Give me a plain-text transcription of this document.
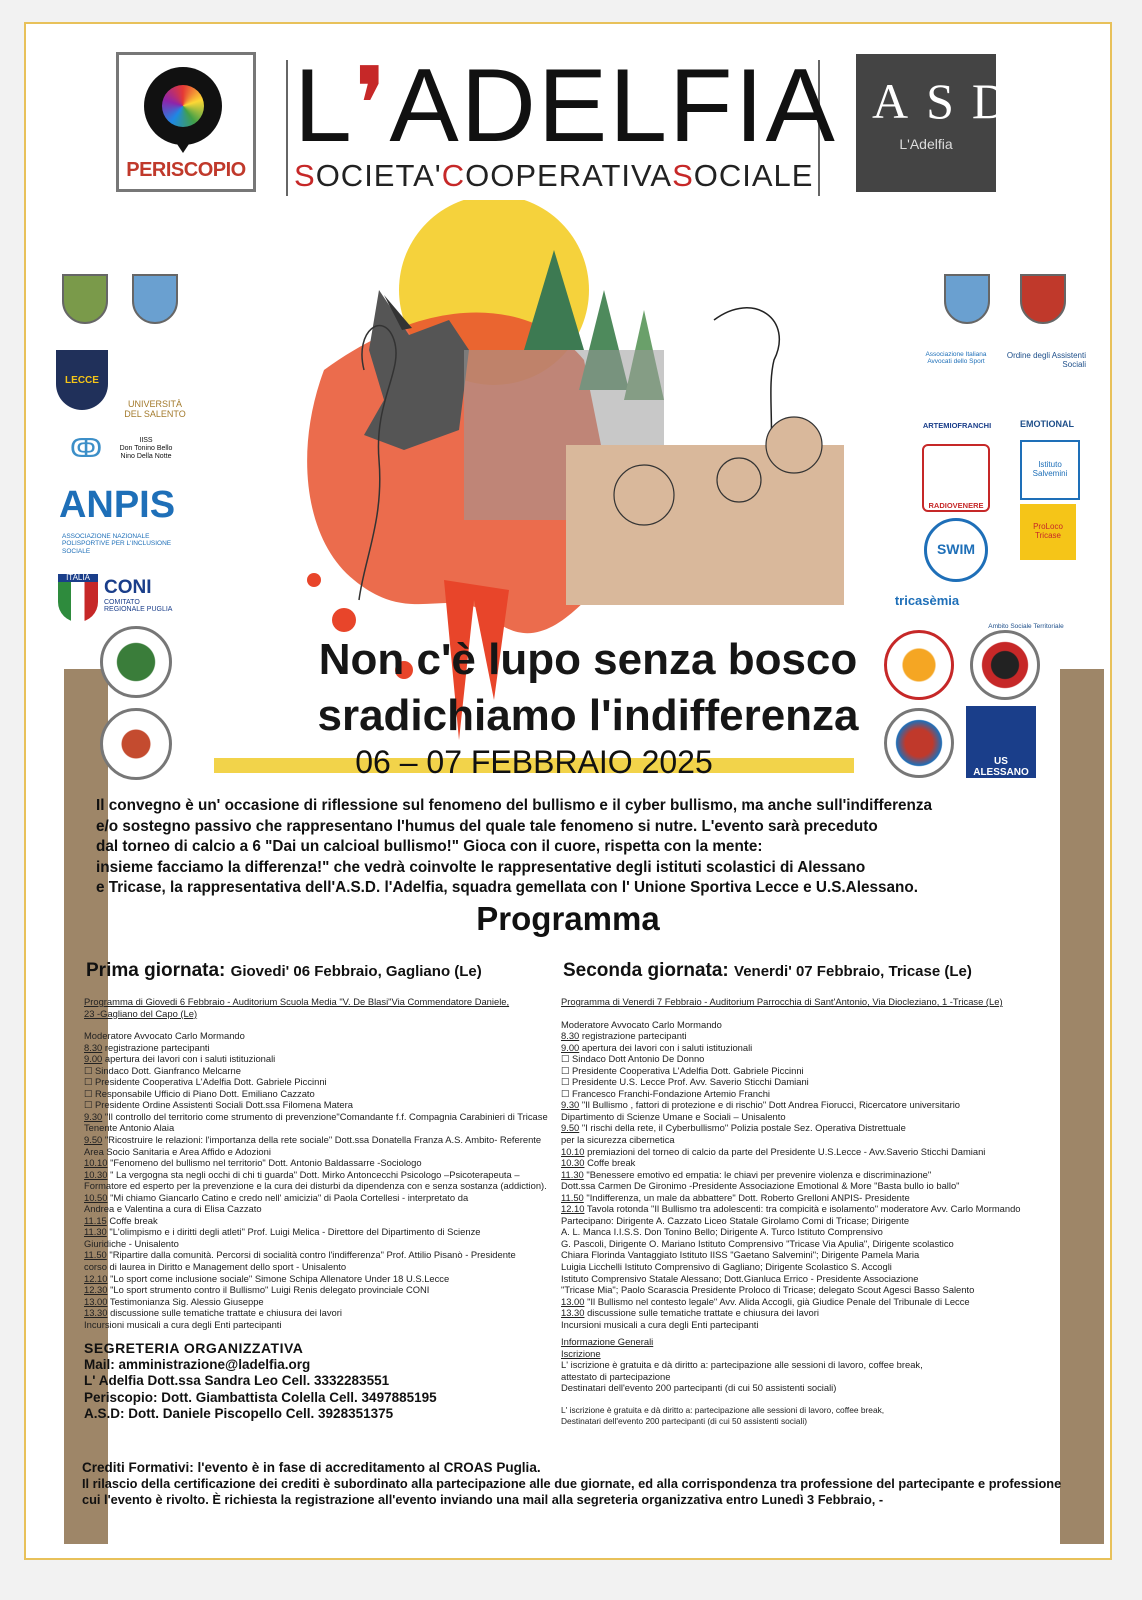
PERISCOPIO
L❜ADELFIA
SOCIETA'COOPERATIVASOCIALE
ASD
L'Adelfia
LECCE
UNIVERSITÀ DEL SALENTO
ↂ	IISS
Don Tonino Bello Nino Della Notte
ANPIS
ASSOCIAZIONE NAZIONALE POLISPORTIVE PER L'INCLUSIONE SOCIALE
ITALIA CONI
COMITATO REGIONALE PUGLIA
Associazione Italiana Avvocati dello Sport
Ordine degli Assistenti Sociali
ARTEMIOFRANCHI	EMOTIONAL
RADIOVENERE
Istituto Salvemini
ProLoco Tricase
SWIM
tricasèmia
Ambito Sociale Territoriale
US ALESSANO
Non c'è lupo senza bosco
sradichiamo l'indifferenza
06 – 07 FEBBRAIO 2025
Il convegno è un' occasione di riflessione sul fenomeno del bullismo e il cyber bullismo, ma anche sull'indifferenza
e/o sostegno passivo che rappresentano l'humus del quale tale fenomeno si nutre. L'evento sarà preceduto
dal torneo di calcio a 6 "Dai un calcioal bullismo!" Gioca con il cuore, rispetta con la mente:
insieme facciamo la differenza!" che vedrà coinvolte le rappresentative degli istituti scolastici di Alessano
e Tricase, la rappresentativa dell'A.S.D. l'Adelfia, squadra gemellata con l' Unione Sportiva Lecce e U.S.Alessano.
Programma
Prima giornata: Giovedi' 06 Febbraio, Gagliano (Le)	Seconda giornata: Venerdi' 07 Febbraio, Tricase (Le)

Programma di Giovedi 6 Febbraio - Auditorium Scuola Media "V. De Blasi"Via Commendatore Daniele,

23 -Gagliano del Capo (Le)

Moderatore Avvocato Carlo Mormando

8.30 registrazione partecipanti

9.00 apertura dei lavori con i saluti istituzionali

☐ Sindaco Dott. Gianfranco Melcarne

☐ Presidente Cooperativa L'Adelfia Dott. Gabriele Piccinni

☐ Responsabile Ufficio di Piano Dott. Emiliano Cazzato

☐ Presidente Ordine Assistenti Sociali Dott.ssa Filomena Matera

9.30 "Il controllo del territorio come strumento di prevenzione"Comandante f.f. Compagnia Carabinieri di Tricase

Tenente Antonio Alaia

9.50 "Ricostruire le relazioni: l'importanza della rete sociale" Dott.ssa Donatella Franza A.S. Ambito- Referente

Area Socio Sanitaria e Area Affido e Adozioni

10.10 "Fenomeno del bullismo nel territorio" Dott. Antonio Baldassarre -Sociologo

10.30 " La vergogna sta negli occhi di chi ti guarda" Dott. Mirko Antoncecchi Psicologo –Psicoterapeuta –

Formatore ed esperto per la prevenzione e la cura dei disturbi da dipendenza con e senza sostanza (addiction).

10.50 "Mi chiamo Giancarlo Catino e credo nell' amicizia" di Paola Cortellesi - interpretato da

Andrea e Valentina a cura di Elisa Cazzato

11.15 Coffe break

11.30 "L'olimpismo e i diritti degli atleti" Prof. Luigi Melica - Direttore del Dipartimento di Scienze

Giuridiche - Unisalento

11.50 "Ripartire dalla comunità. Percorsi di socialità contro l'indifferenza" Prof. Attilio Pisanò - Presidente

corso di laurea in Diritto e Management dello sport - Unisalento

12.10 "Lo sport come inclusione sociale" Simone Schipa Allenatore Under 18 U.S.Lecce

12.30 "Lo sport strumento contro il Bullismo" Luigi Renis delegato provinciale CONI

13.00 Testimonianza Sig. Alessio Giuseppe

13.30 discussione sulle tematiche trattate e chiusura dei lavori

Incursioni musicali a cura degli Enti partecipanti

Programma di Venerdi 7 Febbraio - Auditorium Parrocchia di Sant'Antonio, Via Diocleziano, 1 -Tricase (Le)

Moderatore Avvocato Carlo Mormando

8.30 registrazione partecipanti

9.00 apertura dei lavori con i saluti istituzionali

☐ Sindaco Dott Antonio De Donno

☐ Presidente Cooperativa L'Adelfia Dott. Gabriele Piccinni

☐ Presidente U.S. Lecce Prof. Avv. Saverio Sticchi Damiani

☐ Francesco Franchi-Fondazione Artemio Franchi

9.30 "Il Bullismo , fattori di protezione e di rischio" Dott Andrea Fiorucci, Ricercatore universitario

Dipartimento di Scienze Umane e Sociali – Unisalento

9.50 "I rischi della rete, il Cyberbullismo" Polizia postale Sez. Operativa Distrettuale

per la sicurezza cibernetica

10.10 premiazioni del torneo di calcio da parte del Presidente U.S.Lecce - Avv.Saverio Sticchi Damiani

10.30 Coffe break

11.30 "Benessere emotivo ed empatia: le chiavi per prevenire violenza e discriminazione"

Dott.ssa Carmen De Gironimo -Presidente Associazione Emotional & More "Basta bullo io ballo"

11.50 "Indifferenza, un male da abbattere" Dott. Roberto Grelloni ANPIS- Presidente

12.10 Tavola rotonda "Il Bullismo tra adolescenti: tra compicità e isolamento" moderatore Avv. Carlo Mormando

Partecipano: Dirigente A. Cazzato Liceo Statale Girolamo Comi di Tricase; Dirigente

A. L. Manca I.I.S.S. Don Tonino Bello; Dirigente A. Turco Istituto Comprensivo

G. Pascoli, Dirigente O. Mariano Istituto Comprensivo "Tricase Via Apulia", Dirigente scolastico

Chiara Florinda Vantaggiato Istituto IISS "Gaetano Salvemini"; Dirigente Pamela Maria

Luigia Licchelli Istituto Comprensivo di Gagliano; Dirigente Scolastico S. Accogli

Istituto Comprensivo Statale Alessano; Dott.Gianluca Errico - Presidente Associazione

"Tricase Mia"; Paolo Scarascia Presidente Proloco di Tricase; delegato Scout Agesci Basso Salento

13.00 "Il Bullismo nel contesto legale" Avv. Alida Accogli, già Giudice Penale del Tribunale di Lecce

13.30 discussione sulle tematiche trattate e chiusura dei lavori

Incursioni musicali a cura degli Enti partecipanti

SEGRETERIA ORGANIZZATIVA
Mail: amministrazione@ladelfia.org
L' Adelfia Dott.ssa Sandra Leo Cell. 3332283551
Periscopio: Dott. Giambattista Colella Cell. 3497885195
A.S.D: Dott. Daniele Piscopello Cell. 3928351375

Informazione Generali

Iscrizione

L' iscrizione è gratuita e dà diritto a: partecipazione alle sessioni di lavoro, coffee break,

attestato di partecipazione

Destinatari dell'evento 200 partecipanti (di cui 50 assistenti sociali)

L' iscrizione è gratuita e dà diritto a: partecipazione alle sessioni di lavoro, coffee break,

Destinatari dell'evento 200 partecipanti (di cui 50 assistenti sociali)

Crediti Formativi: l'evento è in fase di accreditamento al CROAS Puglia.
Il rilascio della certificazione dei crediti è subordinato alla partecipazione alle due giornate, ed alla corrispondenza tra professione del partecipante e professione
cui l'evento è rivolto. È richiesta la registrazione all'evento inviando una mail alla segreteria organizzativa entro Lunedì 3 Febbraio, -
